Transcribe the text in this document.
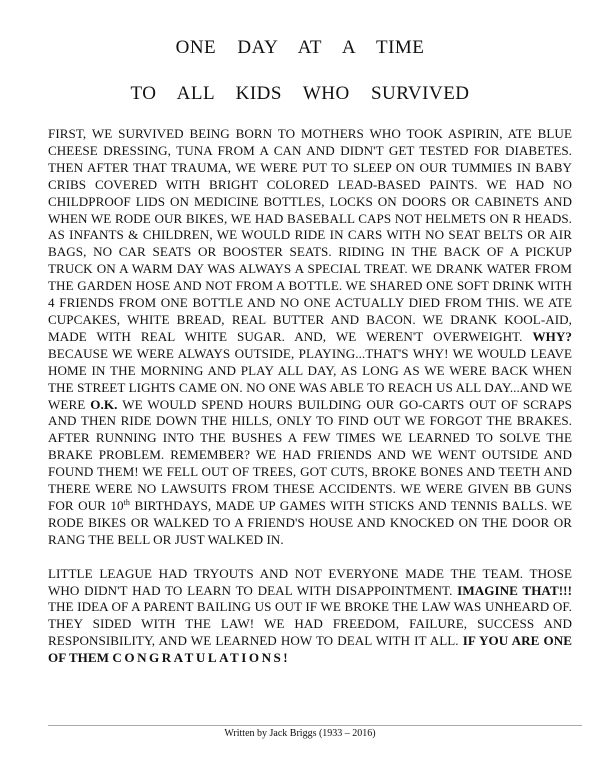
ONE DAY AT A TIME
TO ALL KIDS WHO SURVIVED

FIRST, WE SURVIVED BEING BORN TO MOTHERS WHO TOOK ASPIRIN, ATE BLUE CHEESE DRESSING, TUNA FROM A CAN AND DIDN'T GET TESTED FOR DIABETES. THEN AFTER THAT TRAUMA, WE WERE PUT TO SLEEP ON OUR TUMMIES IN BABY CRIBS COVERED WITH BRIGHT COLORED LEAD-BASED PAINTS. WE HAD NO CHILDPROOF LIDS ON MEDICINE BOTTLES, LOCKS ON DOORS OR CABINETS AND WHEN WE RODE OUR BIKES, WE HAD BASEBALL CAPS NOT HELMETS ON R HEADS. AS INFANTS & CHILDREN, WE WOULD RIDE IN CARS WITH NO SEAT BELTS OR AIR BAGS, NO CAR SEATS OR BOOSTER SEATS. RIDING IN THE BACK OF A PICKUP TRUCK ON A WARM DAY WAS ALWAYS A SPECIAL TREAT. WE DRANK WATER FROM THE GARDEN HOSE AND NOT FROM A BOTTLE. WE SHARED ONE SOFT DRINK WITH 4 FRIENDS FROM ONE BOTTLE AND NO ONE ACTUALLY DIED FROM THIS. WE ATE CUPCAKES, WHITE BREAD, REAL BUTTER AND BACON. WE DRANK KOOL-AID, MADE WITH REAL WHITE SUGAR. AND, WE WEREN'T OVERWEIGHT. WHY? BECAUSE WE WERE ALWAYS OUTSIDE, PLAYING...THAT'S WHY! WE WOULD LEAVE HOME IN THE MORNING AND PLAY ALL DAY, AS LONG AS WE WERE BACK WHEN THE STREET LIGHTS CAME ON. NO ONE WAS ABLE TO REACH US ALL DAY...AND WE WERE O.K. WE WOULD SPEND HOURS BUILDING OUR GO-CARTS OUT OF SCRAPS AND THEN RIDE DOWN THE HILLS, ONLY TO FIND OUT WE FORGOT THE BRAKES. AFTER RUNNING INTO THE BUSHES A FEW TIMES WE LEARNED TO SOLVE THE BRAKE PROBLEM. REMEMBER? WE HAD FRIENDS AND WE WENT OUTSIDE AND FOUND THEM! WE FELL OUT OF TREES, GOT CUTS, BROKE BONES AND TEETH AND THERE WERE NO LAWSUITS FROM THESE ACCIDENTS. WE WERE GIVEN BB GUNS FOR OUR 10th BIRTHDAYS, MADE UP GAMES WITH STICKS AND TENNIS BALLS. WE RODE BIKES OR WALKED TO A FRIEND'S HOUSE AND KNOCKED ON THE DOOR OR RANG THE BELL OR JUST WALKED IN.

LITTLE LEAGUE HAD TRYOUTS AND NOT EVERYONE MADE THE TEAM. THOSE WHO DIDN'T HAD TO LEARN TO DEAL WITH DISAPPOINTMENT. IMAGINE THAT!!! THE IDEA OF A PARENT BAILING US OUT IF WE BROKE THE LAW WAS UNHEARD OF. THEY SIDED WITH THE LAW! WE HAD FREEDOM, FAILURE, SUCCESS AND RESPONSIBILITY, AND WE LEARNED HOW TO DEAL WITH IT ALL. IF YOU ARE ONE OF THEM CONGRATULATIONS!

Written by Jack Briggs (1933 – 2016)
